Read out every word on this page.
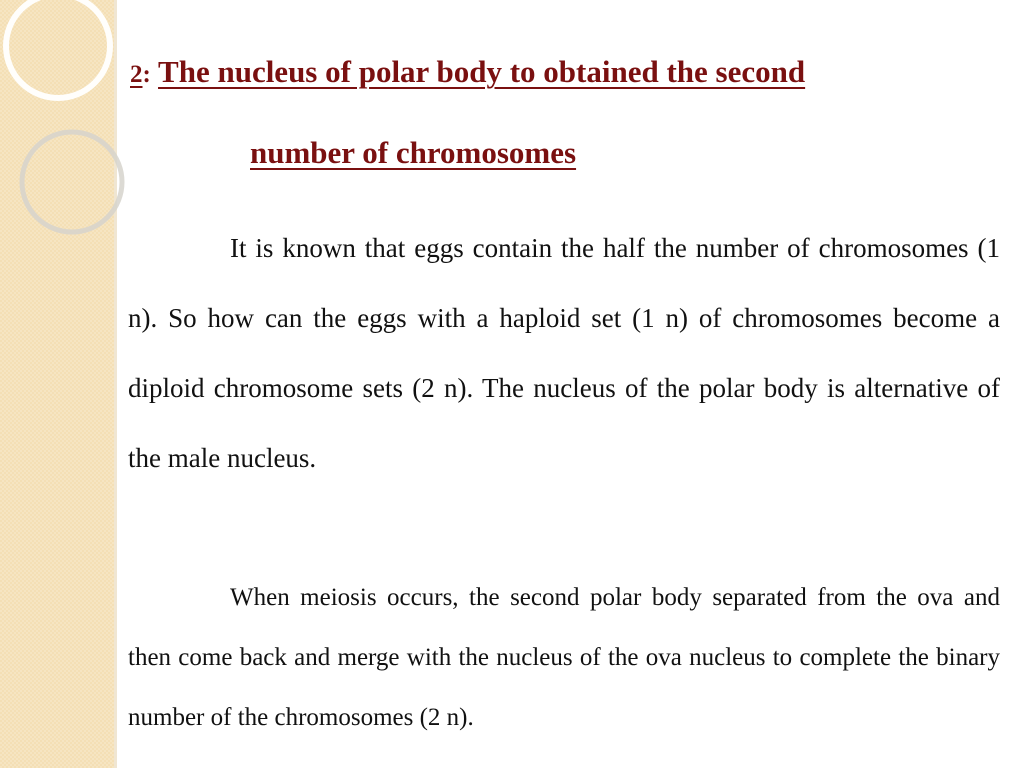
2: The nucleus of polar body to obtained the second
number of chromosomes

It is known that eggs contain the half the number of chromosomes (1 n). So how can the eggs with a haploid set (1 n) of chromosomes become a diploid chromosome sets (2 n). The nucleus of the polar body is alternative of the male nucleus.

When meiosis occurs, the second polar body separated from the ova and then come back and merge with the nucleus of the ova nucleus to complete the binary number of the chromosomes (2 n).
